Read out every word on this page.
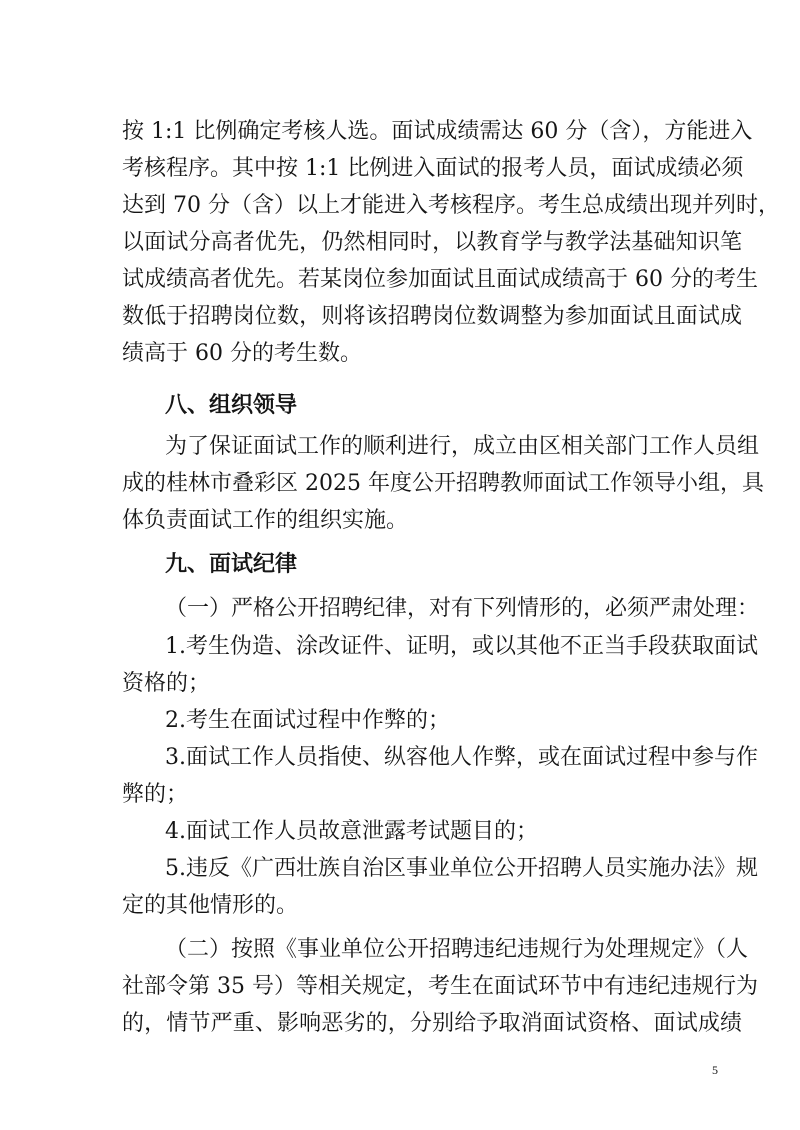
按 1:1 比例确定考核人选。面试成绩需达 60 分（含），方能进入
考核程序。其中按 1:1 比例进入面试的报考人员，面试成绩必须
达到 70 分（含）以上才能进入考核程序。考生总成绩出现并列时，
以面试分高者优先，仍然相同时，以教育学与教学法基础知识笔
试成绩高者优先。若某岗位参加面试且面试成绩高于 60 分的考生
数低于招聘岗位数，则将该招聘岗位数调整为参加面试且面试成
绩高于 60 分的考生数。
八、组织领导
为了保证面试工作的顺利进行，成立由区相关部门工作人员组
成的桂林市叠彩区 2025 年度公开招聘教师面试工作领导小组，具
体负责面试工作的组织实施。
九、面试纪律
（一）严格公开招聘纪律，对有下列情形的，必须严肃处理：
1.考生伪造、涂改证件、证明，或以其他不正当手段获取面试
资格的；
2.考生在面试过程中作弊的；
3.面试工作人员指使、纵容他人作弊，或在面试过程中参与作
弊的；
4.面试工作人员故意泄露考试题目的；
5.违反《广西壮族自治区事业单位公开招聘人员实施办法》规
定的其他情形的。
（二）按照《事业单位公开招聘违纪违规行为处理规定》（人
社部令第 35 号）等相关规定，考生在面试环节中有违纪违规行为
的，情节严重、影响恶劣的，分别给予取消面试资格、面试成绩
5
